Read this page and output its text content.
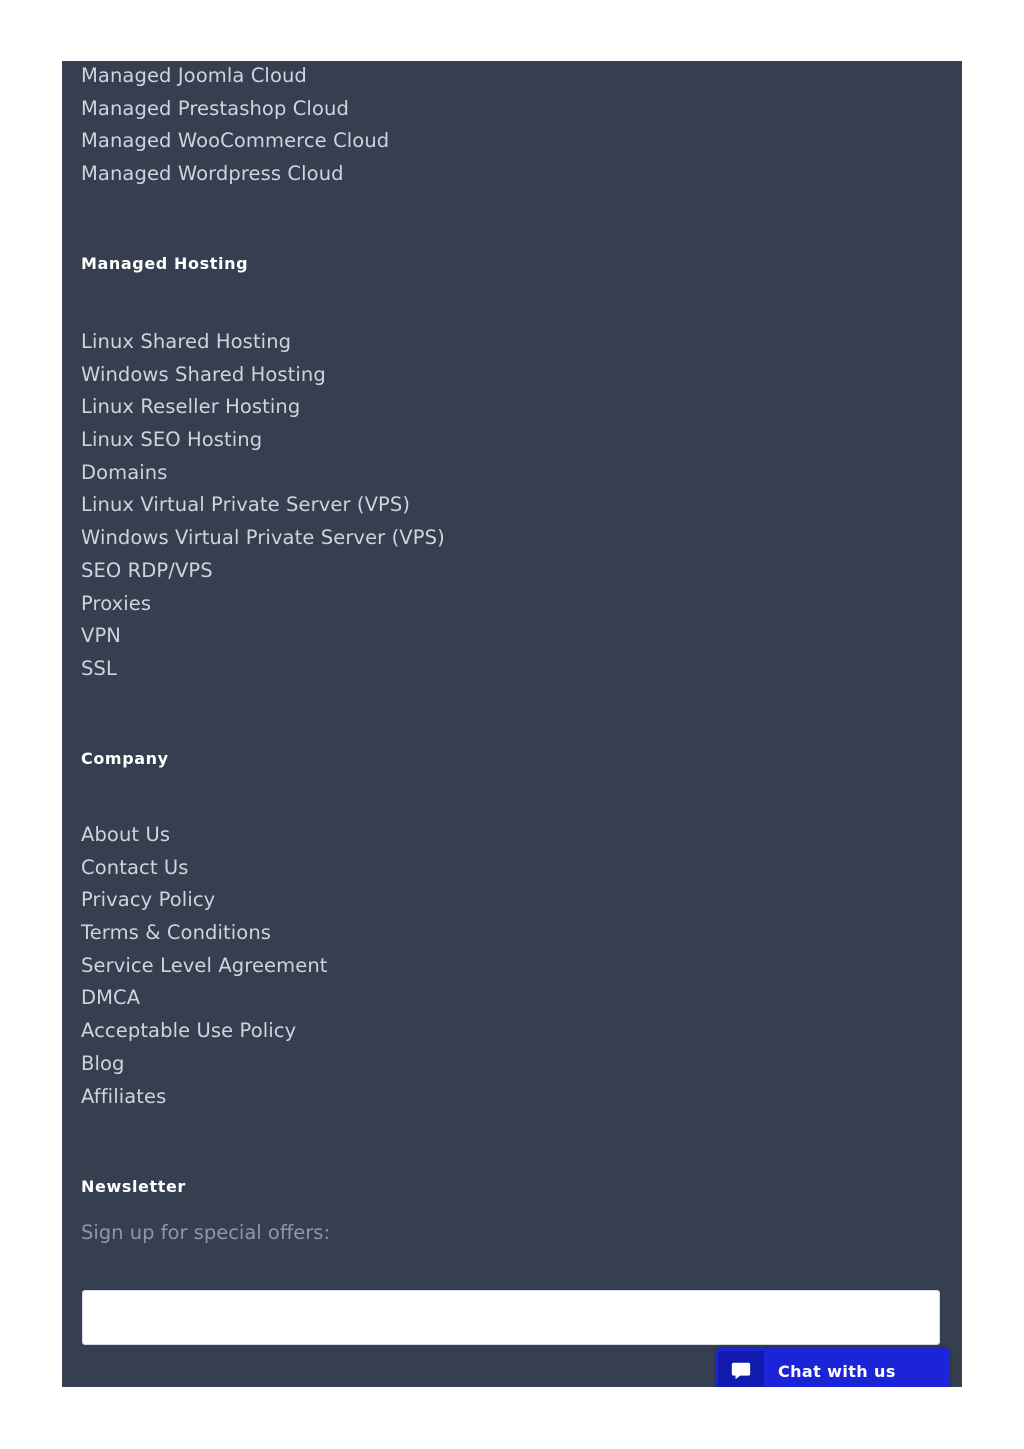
Managed Joomla Cloud
Managed Prestashop Cloud
Managed WooCommerce Cloud
Managed Wordpress Cloud
Managed Hosting
Linux Shared Hosting
Windows Shared Hosting
Linux Reseller Hosting
Linux SEO Hosting
Domains
Linux Virtual Private Server (VPS)
Windows Virtual Private Server (VPS)
SEO RDP/VPS
Proxies
VPN
SSL
Company
About Us
Contact Us
Privacy Policy
Terms & Conditions
Service Level Agreement
DMCA
Acceptable Use Policy
Blog
Affiliates
Newsletter

Sign up for special offers:

Chat with us
